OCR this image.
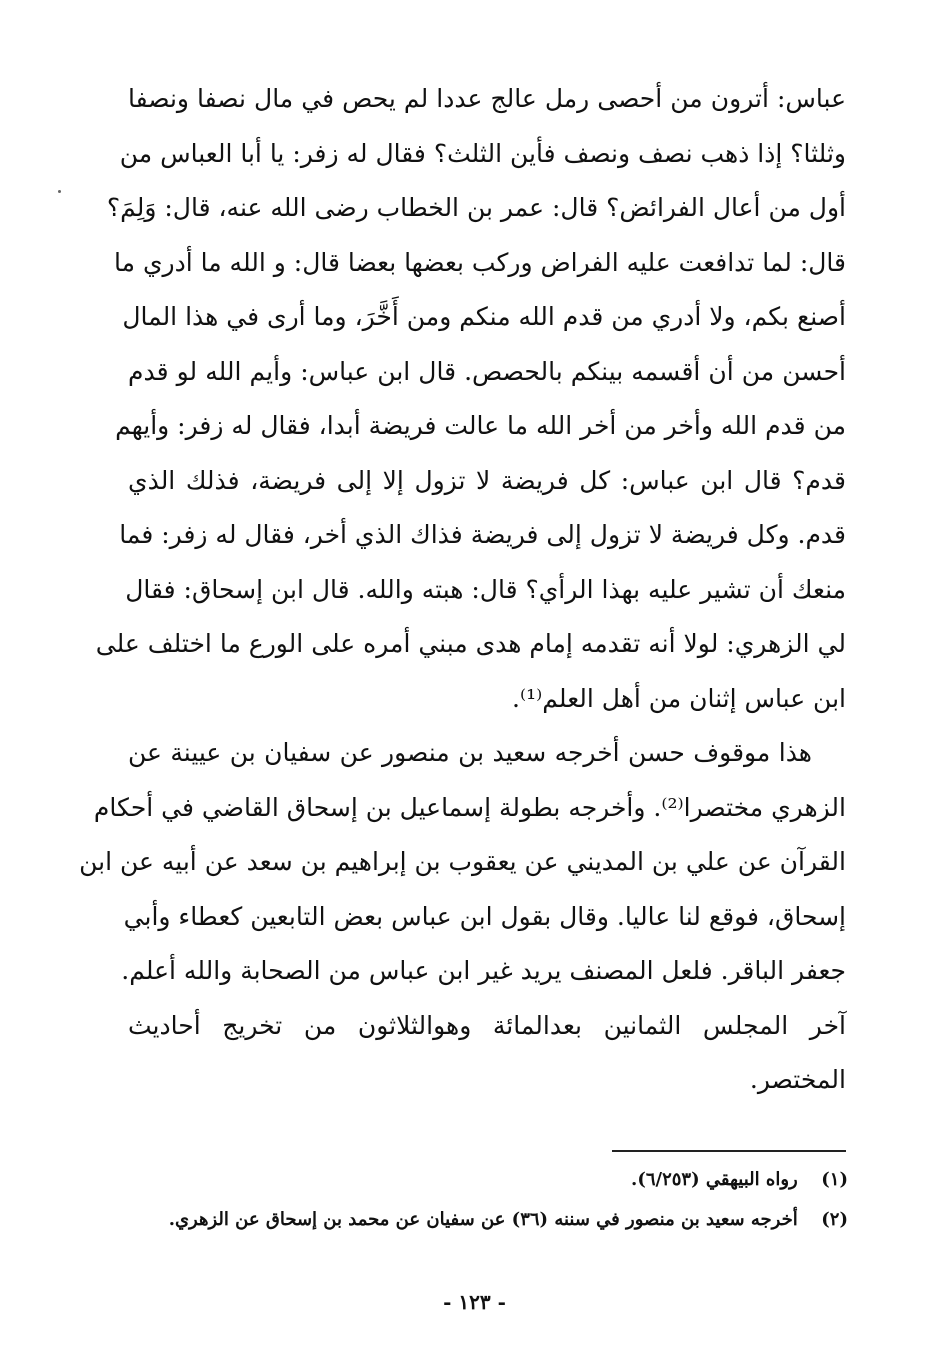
عباس: أترون من أحصى رمل عالج عددا لم يحص في مال نصفا ونصفا
وثلثا؟ إذا ذهب نصف ونصف فأين الثلث؟ فقال له زفر: يا أبا العباس من
أول من أعال الفرائض؟ قال: عمر بن الخطاب رضى الله عنه، قال: وَلِمَ؟
قال: لما تدافعت عليه الفراض وركب بعضها بعضا قال: و الله ما أدري ما
أصنع بكم، ولا أدري من قدم الله منكم ومن أَخَّرَ، وما أرى في هذا المال
أحسن من أن أقسمه بينكم بالحصص. قال ابن عباس: وأيم الله لو قدم
من قدم الله وأخر من أخر الله ما عالت فريضة أبدا، فقال له زفر: وأيهم
قدم؟ قال ابن عباس: كل فريضة لا تزول إلا إلى فريضة، فذلك الذي
قدم. وكل فريضة لا تزول إلى فريضة فذاك الذي أخر، فقال له زفر: فما
منعك أن تشير عليه بهذا الرأي؟ قال: هبته والله. قال ابن إسحاق: فقال
لي الزهري: لولا أنه تقدمه إمام هدى مبني أمره على الورع ما اختلف على
ابن عباس إثنان من أهل العلم⁽¹⁾.
هذا موقوف حسن أخرجه سعيد بن منصور عن سفيان بن عيينة عن
الزهري مختصرا⁽²⁾. وأخرجه بطولة إسماعيل بن إسحاق القاضي في أحكام
القرآن عن علي بن المديني عن يعقوب بن إبراهيم بن سعد عن أبيه عن ابن
إسحاق، فوقع لنا عاليا. وقال بقول ابن عباس بعض التابعين كعطاء وأبي
جعفر الباقر. فلعل المصنف يريد غير ابن عباس من الصحابة والله أعلم.
آخر المجلس الثمانين بعدالمائة وهوالثلاثون من تخريج أحاديث
المختصر.
(١) رواه البيهقي (٦/٢٥٣).
(٢) أخرجه سعيد بن منصور في سننه (٣٦) عن سفيان عن محمد بن إسحاق عن الزهري.
- ١٢٣ -
